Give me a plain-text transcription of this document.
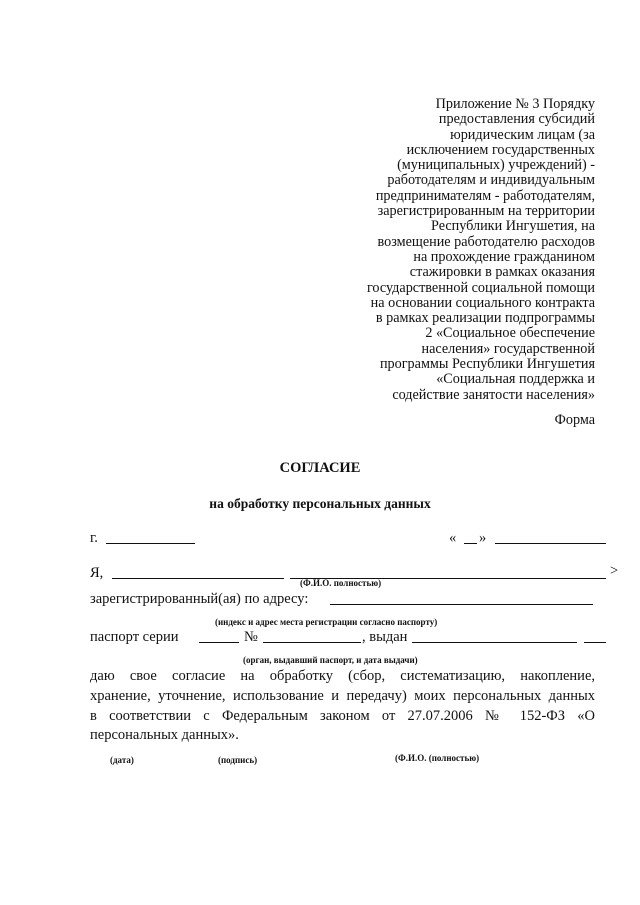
Приложение № 3 Порядку
предоставления субсидий
юридическим лицам (за
исключением государственных
(муниципальных) учреждений) -
работодателям и индивидуальным
предпринимателям - работодателям,
зарегистрированным на территории
Республики Ингушетия, на
возмещение работодателю расходов
на прохождение гражданином
стажировки в рамках оказания
государственной социальной помощи
на основании социального контракта
в рамках реализации подпрограммы
2 «Социальное обеспечение
населения» государственной
программы Республики Ингушетия
«Социальная поддержка и
содействие занятости населения»
Форма
СОГЛАСИЕ
на обработку персональных данных
г.	« »
Я,
(Ф.И.О. полностью)
>
зарегистрированный(ая) по адресу:
(индекс и адрес места регистрации согласно паспорту)
паспорт серии	№	, выдан
(орган, выдавший паспорт, и дата выдачи)
даю свое согласие на обработку (сбор, систематизацию, накопление,
хранение, уточнение, использование и передачу) моих персональных данных
в соответствии с Федеральным законом от 27.07.2006 № 152-ФЗ «О
персональных данных».
(дата)	(подпись)	(Ф.И.О. (полностью)
